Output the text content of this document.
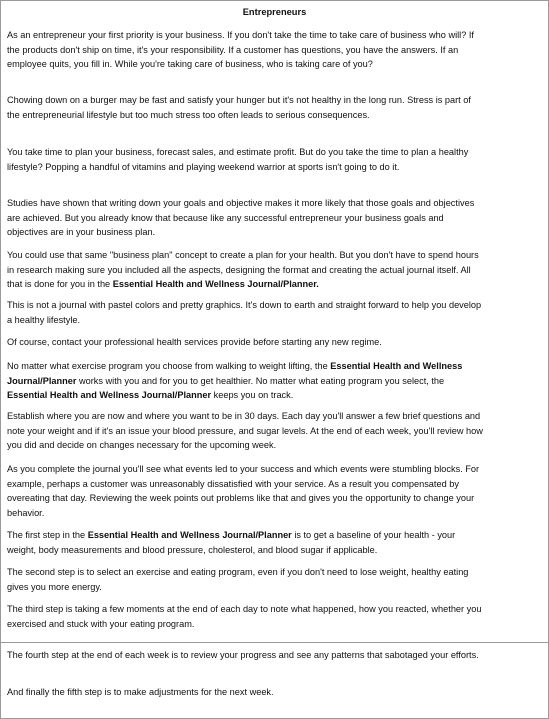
Entrepreneurs

As an entrepreneur your first priority is your business. If you don't take the time to take care of business who will? If the products don't ship on time, it's your responsibility. If a customer has questions, you have the answers. If an employee quits, you fill in. While you're taking care of business, who is taking care of you?

Chowing down on a burger may be fast and satisfy your hunger but it's not healthy in the long run. Stress is part of the entrepreneurial lifestyle but too much stress too often leads to serious consequences.

You take time to plan your business, forecast sales, and estimate profit. But do you take the time to plan a healthy lifestyle? Popping a handful of vitamins and playing weekend warrior at sports isn't going to do it.

Studies have shown that writing down your goals and objective makes it more likely that those goals and objectives are achieved. But you already know that because like any successful entrepreneur your business goals and objectives are in your business plan.

You could use that same "business plan" concept to create a plan for your health. But you don't have to spend hours in research making sure you included all the aspects, designing the format and creating the actual journal itself. All that is done for you in the Essential Health and Wellness Journal/Planner.

This is not a journal with pastel colors and pretty graphics. It's down to earth and straight forward to help you develop a healthy lifestyle.

Of course, contact your professional health services provide before starting any new regime.

No matter what exercise program you choose from walking to weight lifting, the Essential Health and Wellness Journal/Planner works with you and for you to get healthier. No matter what eating program you select, the Essential Health and Wellness Journal/Planner keeps you on track.

Establish where you are now and where you want to be in 30 days. Each day you'll answer a few brief questions and note your weight and if it's an issue your blood pressure, and sugar levels. At the end of each week, you'll review how you did and decide on changes necessary for the upcoming week.

As you complete the journal you'll see what events led to your success and which events were stumbling blocks. For example, perhaps a customer was unreasonably dissatisfied with your service. As a result you compensated by overeating that day. Reviewing the week points out problems like that and gives you the opportunity to change your behavior.

The first step in the Essential Health and Wellness Journal/Planner is to get a baseline of your health - your weight, body measurements and blood pressure, cholesterol, and blood sugar if applicable.

The second step is to select an exercise and eating program, even if you don't need to lose weight, healthy eating gives you more energy.

The third step is taking a few moments at the end of each day to note what happened, how you reacted, whether you exercised and stuck with your eating program.

The fourth step at the end of each week is to review your progress and see any patterns that sabotaged your efforts.

And finally the fifth step is to make adjustments for the next week.
